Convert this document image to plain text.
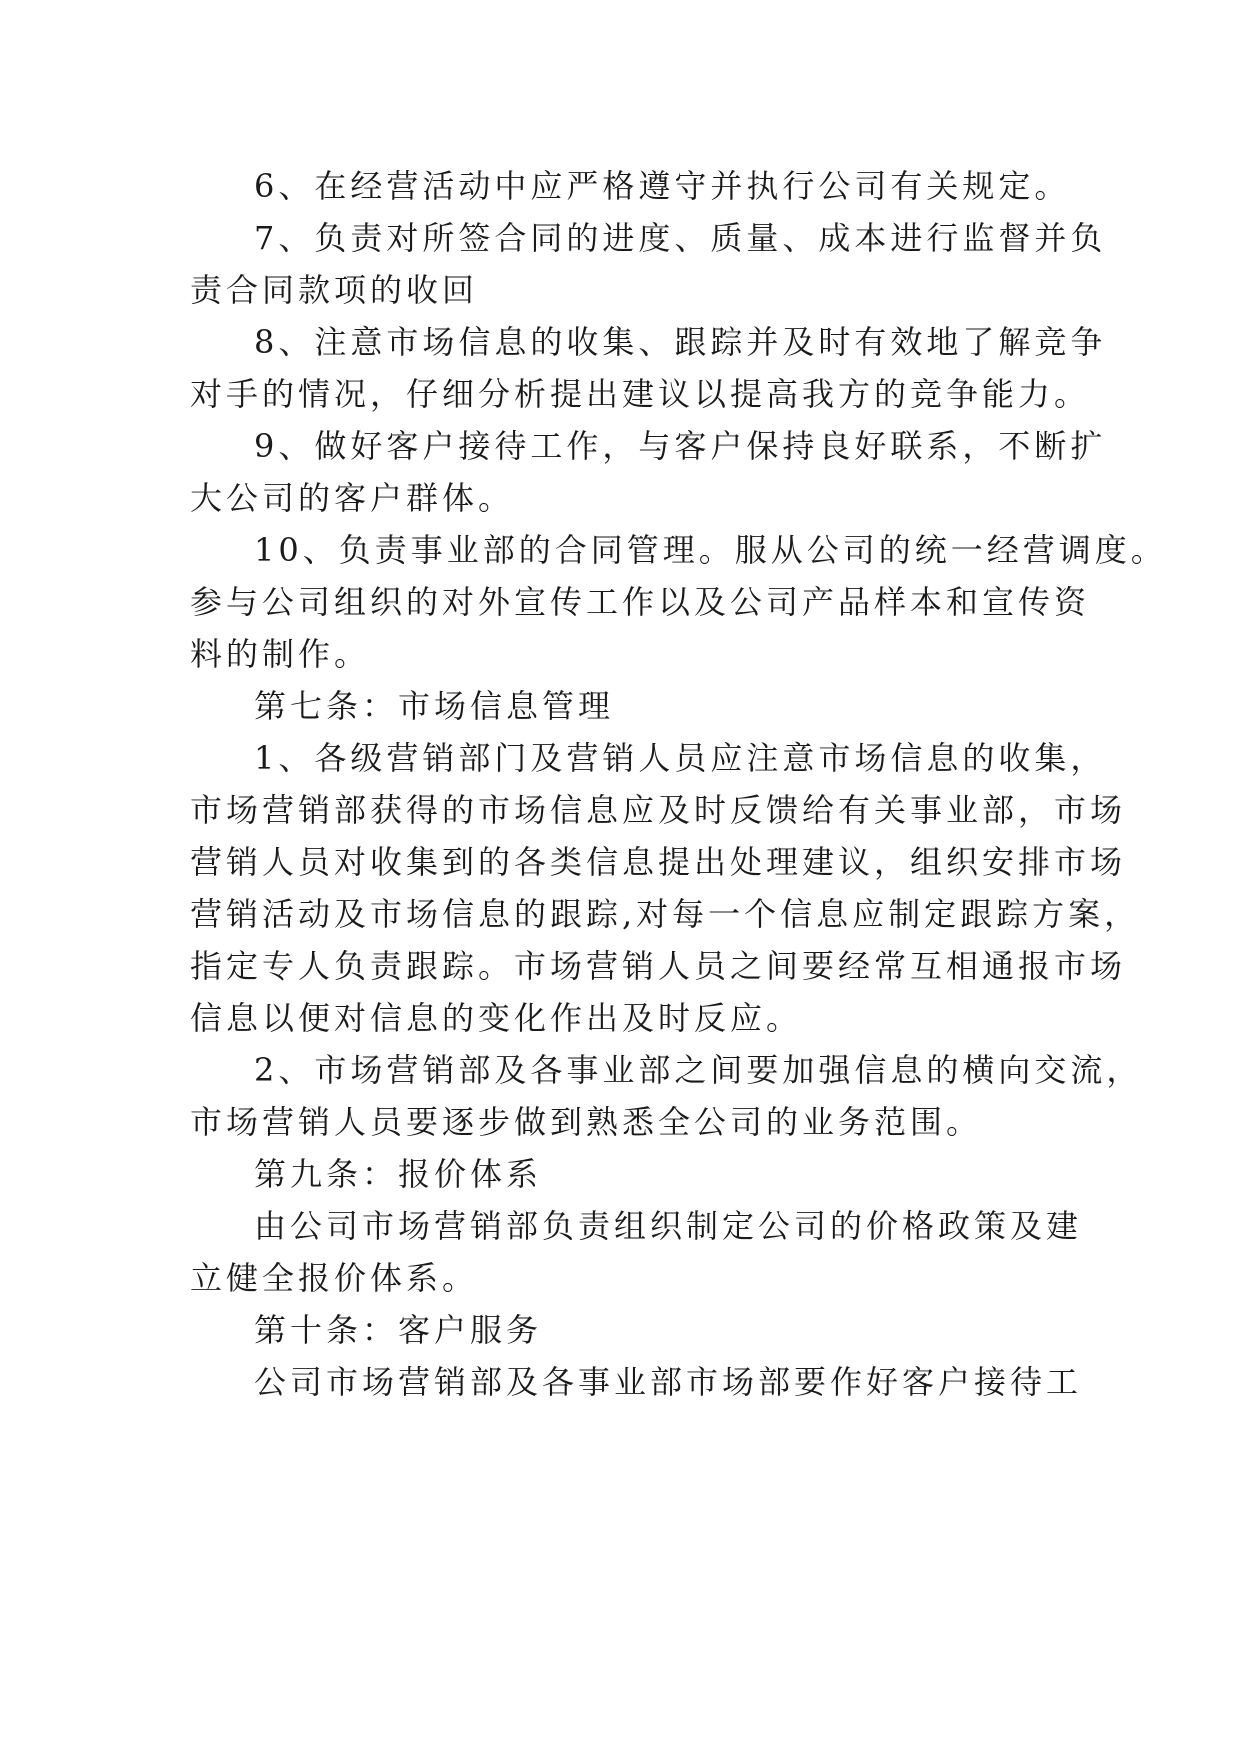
6、在经营活动中应严格遵守并执行公司有关规定。
7、负责对所签合同的进度、质量、成本进行监督并负
责合同款项的收回
8、注意市场信息的收集、跟踪并及时有效地了解竞争
对手的情况，仔细分析提出建议以提高我方的竞争能力。
9、做好客户接待工作，与客户保持良好联系，不断扩
大公司的客户群体。
10、负责事业部的合同管理。服从公司的统一经营调度。
参与公司组织的对外宣传工作以及公司产品样本和宣传资
料的制作。
第七条：市场信息管理
1、各级营销部门及营销人员应注意市场信息的收集，
市场营销部获得的市场信息应及时反馈给有关事业部，市场
营销人员对收集到的各类信息提出处理建议，组织安排市场
营销活动及市场信息的跟踪,对每一个信息应制定跟踪方案，
指定专人负责跟踪。市场营销人员之间要经常互相通报市场
信息以便对信息的变化作出及时反应。
2、市场营销部及各事业部之间要加强信息的横向交流，
市场营销人员要逐步做到熟悉全公司的业务范围。
第九条：报价体系
由公司市场营销部负责组织制定公司的价格政策及建
立健全报价体系。
第十条：客户服务
公司市场营销部及各事业部市场部要作好客户接待工
